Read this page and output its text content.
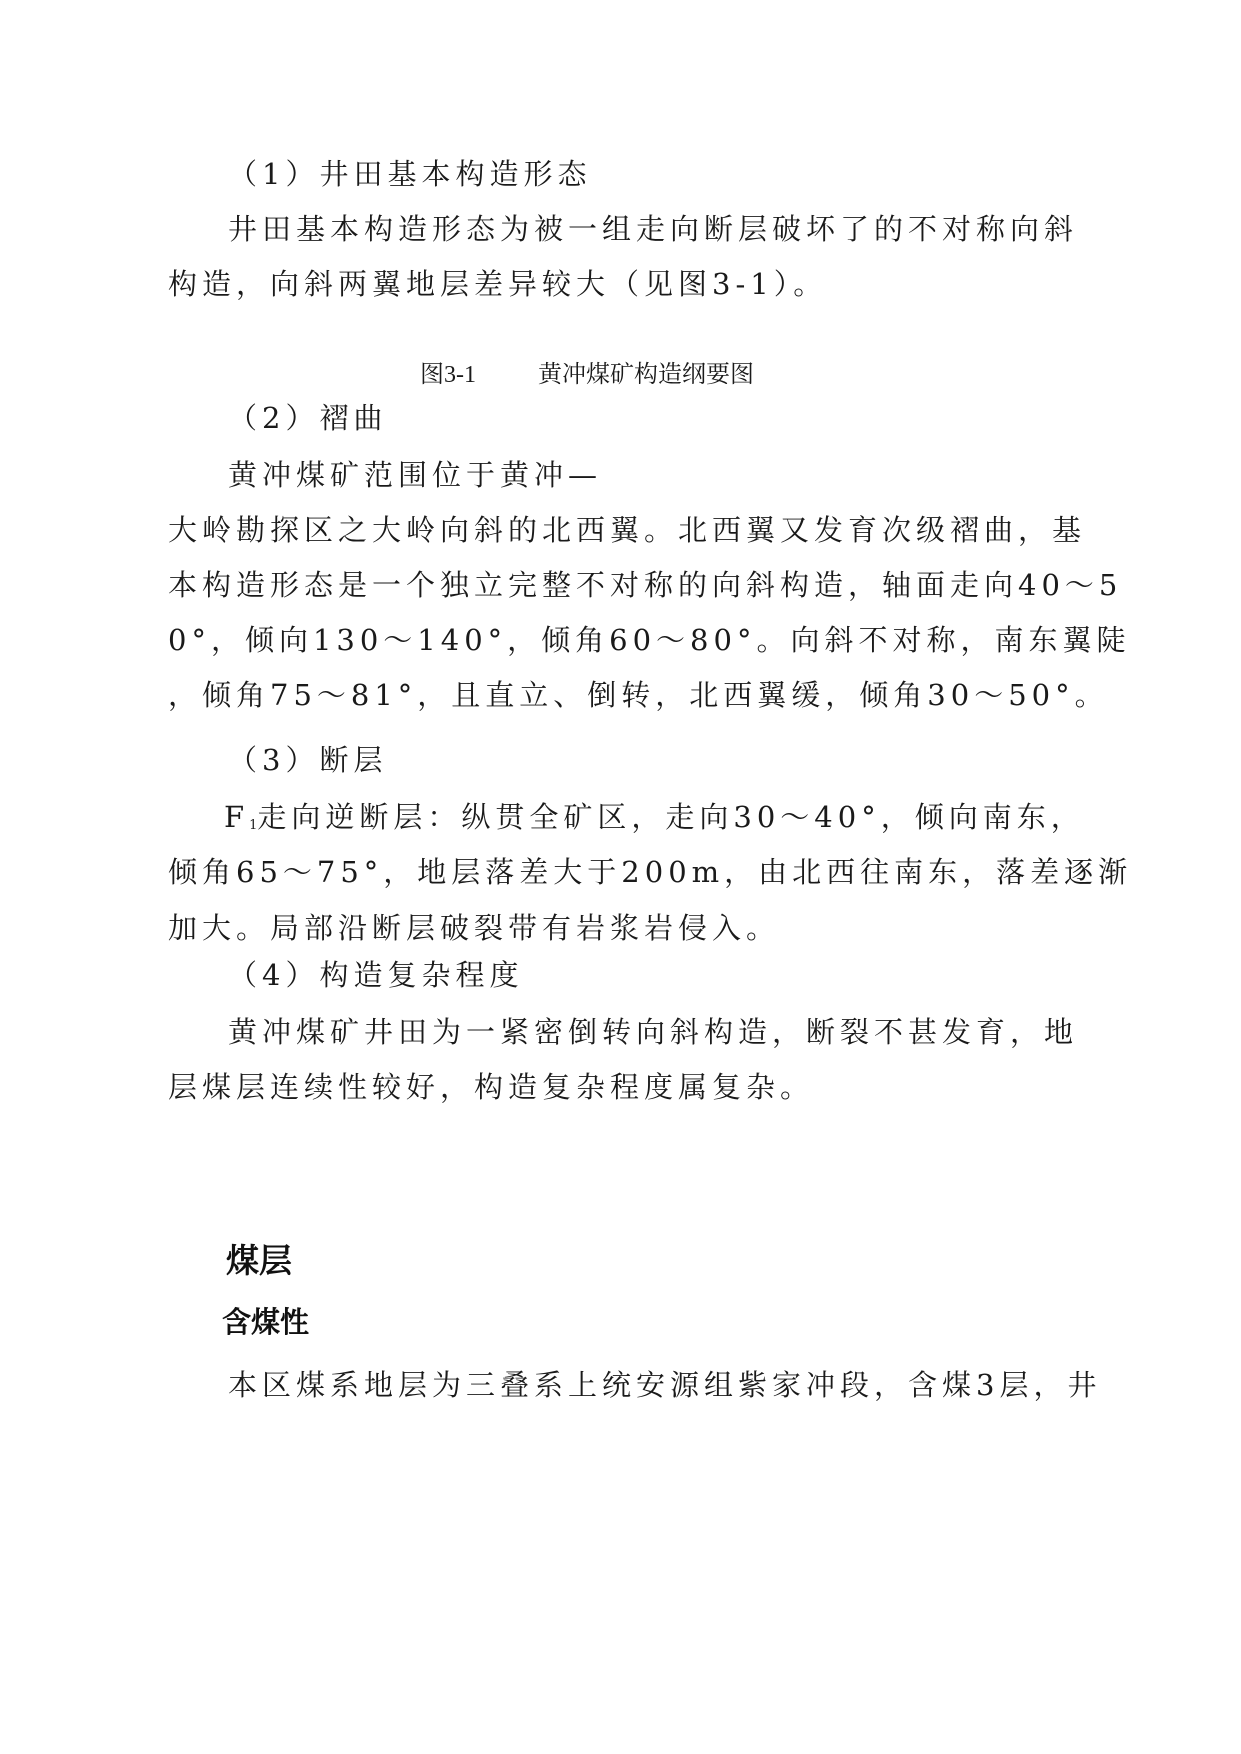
（1）井田基本构造形态
井田基本构造形态为被一组走向断层破坏了的不对称向斜
构造，向斜两翼地层差异较大（见图3-1）。
图3-1	黄冲煤矿构造纲要图
（2）褶曲
黄冲煤矿范围位于黄冲—
大岭勘探区之大岭向斜的北西翼。北西翼又发育次级褶曲，基
本构造形态是一个独立完整不对称的向斜构造，轴面走向40～5
0°，倾向130～140°，倾角60～80°。向斜不对称，南东翼陡
，倾角75～81°，且直立、倒转，北西翼缓，倾角30～50°。
（3）断层
$F_1$走向逆断层：纵贯全矿区，走向30～40°，倾向南东，
倾角65～75°，地层落差大于200m，由北西往南东，落差逐渐
加大。局部沿断层破裂带有岩浆岩侵入。
（4）构造复杂程度
黄冲煤矿井田为一紧密倒转向斜构造，断裂不甚发育，地
层煤层连续性较好，构造复杂程度属复杂。
煤层
含煤性
本区煤系地层为三叠系上统安源组紫家冲段，含煤3层，井
